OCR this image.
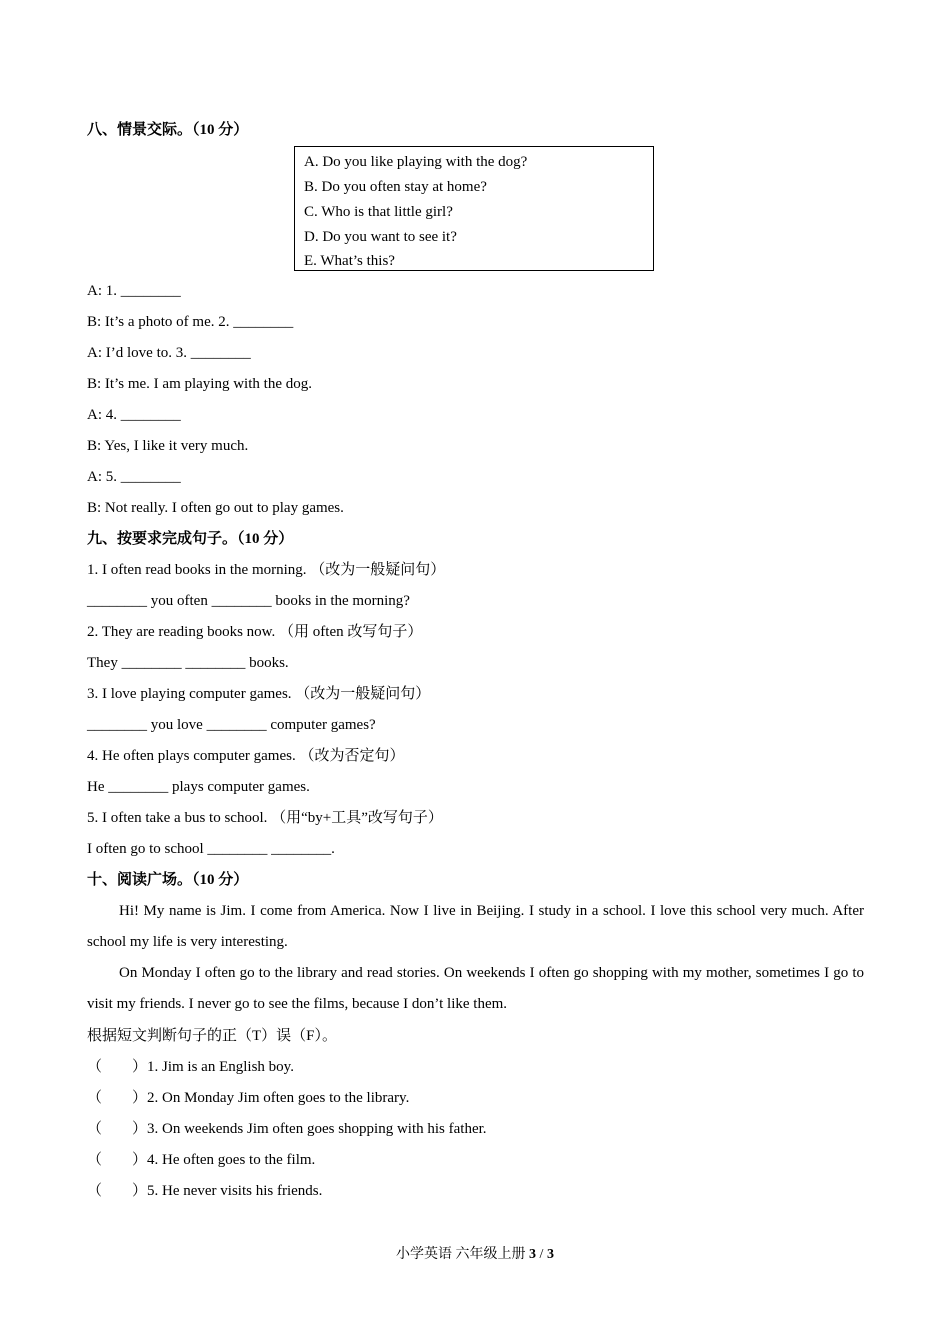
八、情景交际。（10 分）
A. Do you like playing with the dog?
B. Do you often stay at home?
C. Who is that little girl?
D. Do you want to see it?
E. What’s this?
A: 1. ________
B: It’s a photo of me. 2. ________
A: I’d love to. 3. ________
B: It’s me. I am playing with the dog.
A: 4. ________
B: Yes, I like it very much.
A: 5. ________
B: Not really. I often go out to play games.
九、按要求完成句子。（10 分）
1. I often read books in the morning. （改为一般疑问句）
________ you often ________ books in the morning?
2. They are reading books now. （用 often 改写句子）
They ________ ________ books.
3. I love playing computer games. （改为一般疑问句）
________ you love ________ computer games?
4. He often plays computer games. （改为否定句）
He ________ plays computer games.
5. I often take a bus to school. （用“by+工具”改写句子）
I often go to school ________ ________.
十、阅读广场。（10 分）
Hi! My name is Jim. I come from America. Now I live in Beijing. I study in a school. I love this school very much. After school my life is very interesting.
On Monday I often go to the library and read stories. On weekends I often go shopping with my mother, sometimes I go to visit my friends. I never go to see the films, because I don’t like them.
根据短文判断句子的正（T）误（F）。
（　　）1. Jim is an English boy.
（　　）2. On Monday Jim often goes to the library.
（　　）3. On weekends Jim often goes shopping with his father.
（　　）4. He often goes to the film.
（　　）5. He never visits his friends.
小学英语 六年级上册 3 / 3
